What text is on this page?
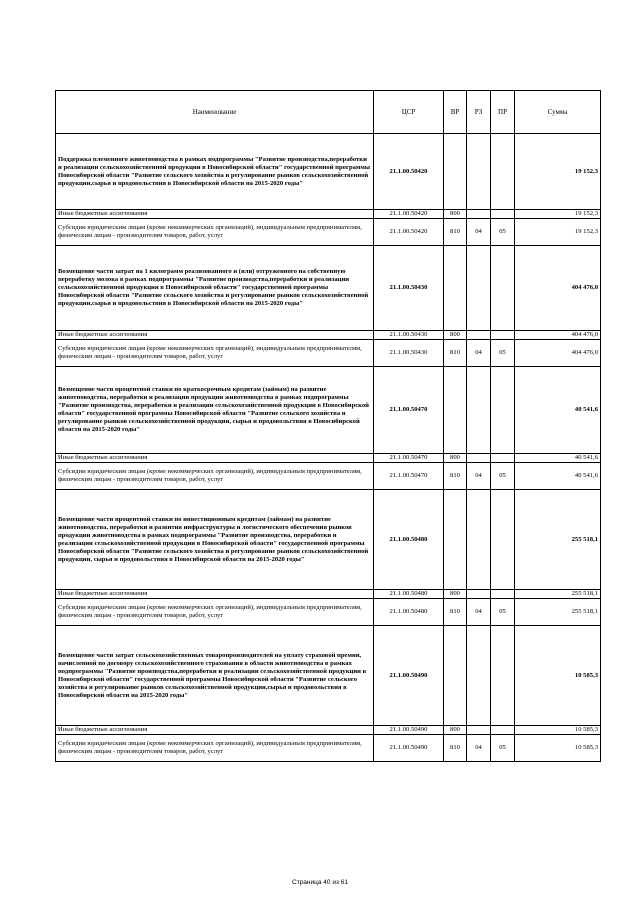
Наименование	ЦСР	ВР	РЗ	ПР	Сумма
Поддержка племенного животноводства в рамках подпрограммы "Развитие производства,переработки и реализации сельскохозяйственной продукции в Новосибирской области" государственной программы Новосибирской области "Развитие сельского хозяйства и регулирование рынков сельскохозяйственной продукции,сырья и продовольствия в Новосибирской области на 2015-2020 годы"	21.1.00.50420				19 152,3
Иные бюджетные ассигнования	21.1.00.50420	800			19 152,3
Субсидии юридическим лицам (кроме некоммерческих организаций), индивидуальным предпринимателям, физическим лицам - производителям товаров, работ, услуг	21.1.00.50420	810	04	05	19 152,3
Возмещение части затрат на 1 килограмм реализованного и (или) отгруженного на собственную переработку молока в рамках подпрограммы "Развитие производства,переработки и реализации сельскохозяйственной продукции в Новосибирской области" государственной программы Новосибирской области "Развитие сельского хозяйства и регулирование рынков сельскохозяйственной продукции,сырья и продовольствия в Новосибирской области на 2015-2020 годы"	21.1.00.50430				404 476,0
Иные бюджетные ассигнования	21.1.00.50430	800			404 476,0
Субсидии юридическим лицам (кроме некоммерческих организаций), индивидуальным предпринимателям, физическим лицам - производителям товаров, работ, услуг	21.1.00.50430	810	04	05	404 476,0
Возмещение части процентной ставки по краткосрочным кредитам (займам) на развитие животноводства, переработки и реализации продукции животноводства в рамках подпрограммы "Развитие производства, переработки и реализации сельскохозяйственной продукции в Новосибирской области" государственной программы Новосибирской области "Развитие сельского хозяйства и регулирование рынков сельскохозяйственной продукции, сырья и продовольствия в Новосибирской области на 2015-2020 годы"	21.1.00.50470				40 541,6
Иные бюджетные ассигнования	21.1.00.50470	800			40 541,6
Субсидии юридическим лицам (кроме некоммерческих организаций), индивидуальным предпринимателям, физическим лицам - производителям товаров, работ, услуг	21.1.00.50470	810	04	05	40 541,6
Возмещение части процентной ставки по инвестиционным кредитам (займам) на развитие животноводства, переработки и развития инфраструктуры и логистического обеспечения рынков продукции животноводства в рамках подпрограммы "Развитие производства, переработки и реализации сельскохозяйственной продукции в Новосибирской области" государственной программы Новосибирской области "Развитие сельского хозяйства и регулирование рынков сельскохозяйственной продукции, сырья и продовольствия в Новосибирской области на 2015-2020 годы"	21.1.00.50480				255 518,1
Иные бюджетные ассигнования	21.1.00.50480	800			255 518,1
Субсидии юридическим лицам (кроме некоммерческих организаций), индивидуальным предпринимателям, физическим лицам - производителям товаров, работ, услуг	21.1.00.50480	810	04	05	255 518,1
Возмещение части затрат сельскохозяйственных товаропроизводителей на уплату страховой премии, начисленной по договору сельскохозяйственного страхования в области животноводства в рамках подпрограммы "Развитие производства,переработки и реализации сельскохозяйственной продукции в Новосибирской области" государственной программы Новосибирской области "Развитие сельского хозяйства и регулирование рынков сельскохозяйственной продукции,сырья и продовольствия в Новосибирской области на 2015-2020 годы"	21.1.00.50490				10 585,3
Иные бюджетные ассигнования	21.1.00.50490	800			10 585,3
Субсидии юридическим лицам (кроме некоммерческих организаций), индивидуальным предпринимателям, физическим лицам - производителям товаров, работ, услуг	21.1.00.50490	810	04	05	10 585,3
Страница 40 из 61
